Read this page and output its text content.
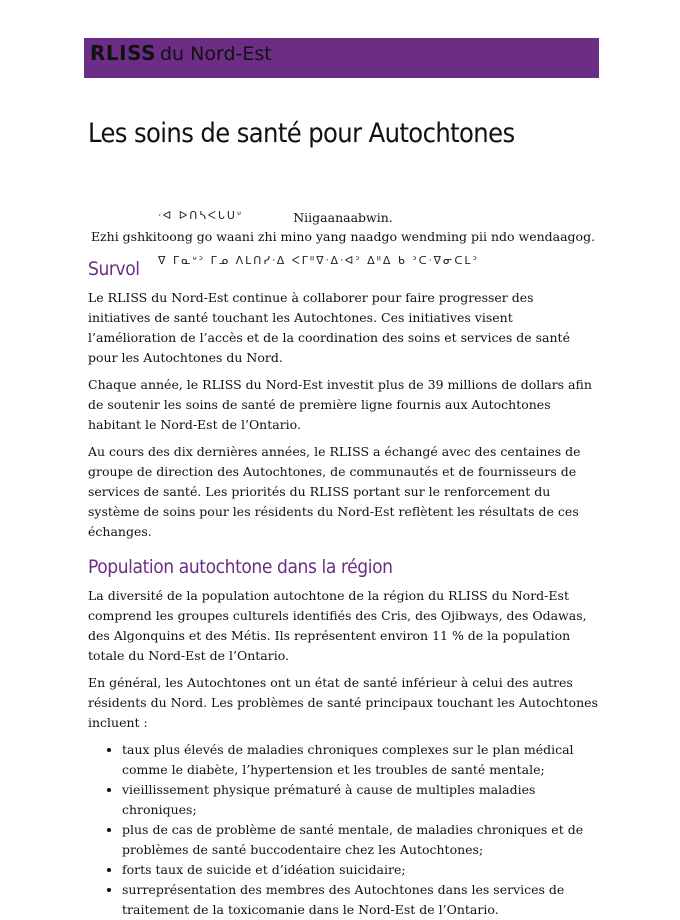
RLISS du Nord-Est
Les soins de santé pour Autochtones

ᐧᐊ ᐅᑎᓴᐸᒐᑌᐡ

ᐁ ᒥᓇᐡᐣ ᒥᓄ ᐱᒪᑎᓯᐧᐃ ᐸᒥᐦᐁᐧᐃᐧᐊᐣ ᐃᐦᐃ ᑲ ᐣᑕᐧᐁᓂᑕᒪᐣ

Niigaanaabwin.
Ezhi gshkitoong go waani zhi mino yang naadgo wendming pii ndo wendaagog.
Survol

Le RLISS du Nord-Est continue à collaborer pour faire progresser des initiatives de santé touchant les Autochtones. Ces initiatives visent l’amélioration de l’accès et de la coordination des soins et services de santé pour les Autochtones du Nord.

Chaque année, le RLISS du Nord-Est investit plus de 39 millions de dollars afin de soutenir les soins de santé de première ligne fournis aux Autochtones habitant le Nord-Est de l’Ontario.

Au cours des dix dernières années, le RLISS a échangé avec des centaines de groupe de direction des Autochtones, de communautés et de fournisseurs de services de santé. Les priorités du RLISS portant sur le renforcement du système de soins pour les résidents du Nord-Est reflètent les résultats de ces échanges.

Population autochtone dans la région

La diversité de la population autochtone de la région du RLISS du Nord-Est comprend les groupes culturels identifiés des Cris, des Ojibways, des Odawas, des Algonquins et des Métis. Ils représentent environ 11 % de la population totale du Nord-Est de l’Ontario.

En général, les Autochtones ont un état de santé inférieur à celui des autres résidents du Nord. Les problèmes de santé principaux touchant les Autochtones incluent :

• taux plus élevés de maladies chroniques complexes sur le plan médical comme le diabète, l’hypertension et les troubles de santé mentale;
• vieillissement physique prématuré à cause de multiples maladies chroniques;
• plus de cas de problème de santé mentale, de maladies chroniques et de problèmes de santé buccodentaire chez les Autochtones;
• forts taux de suicide et d’idéation suicidaire;
• surreprésentation des membres des Autochtones dans les services de traitement de la toxicomanie dans le Nord-Est de l’Ontario.
